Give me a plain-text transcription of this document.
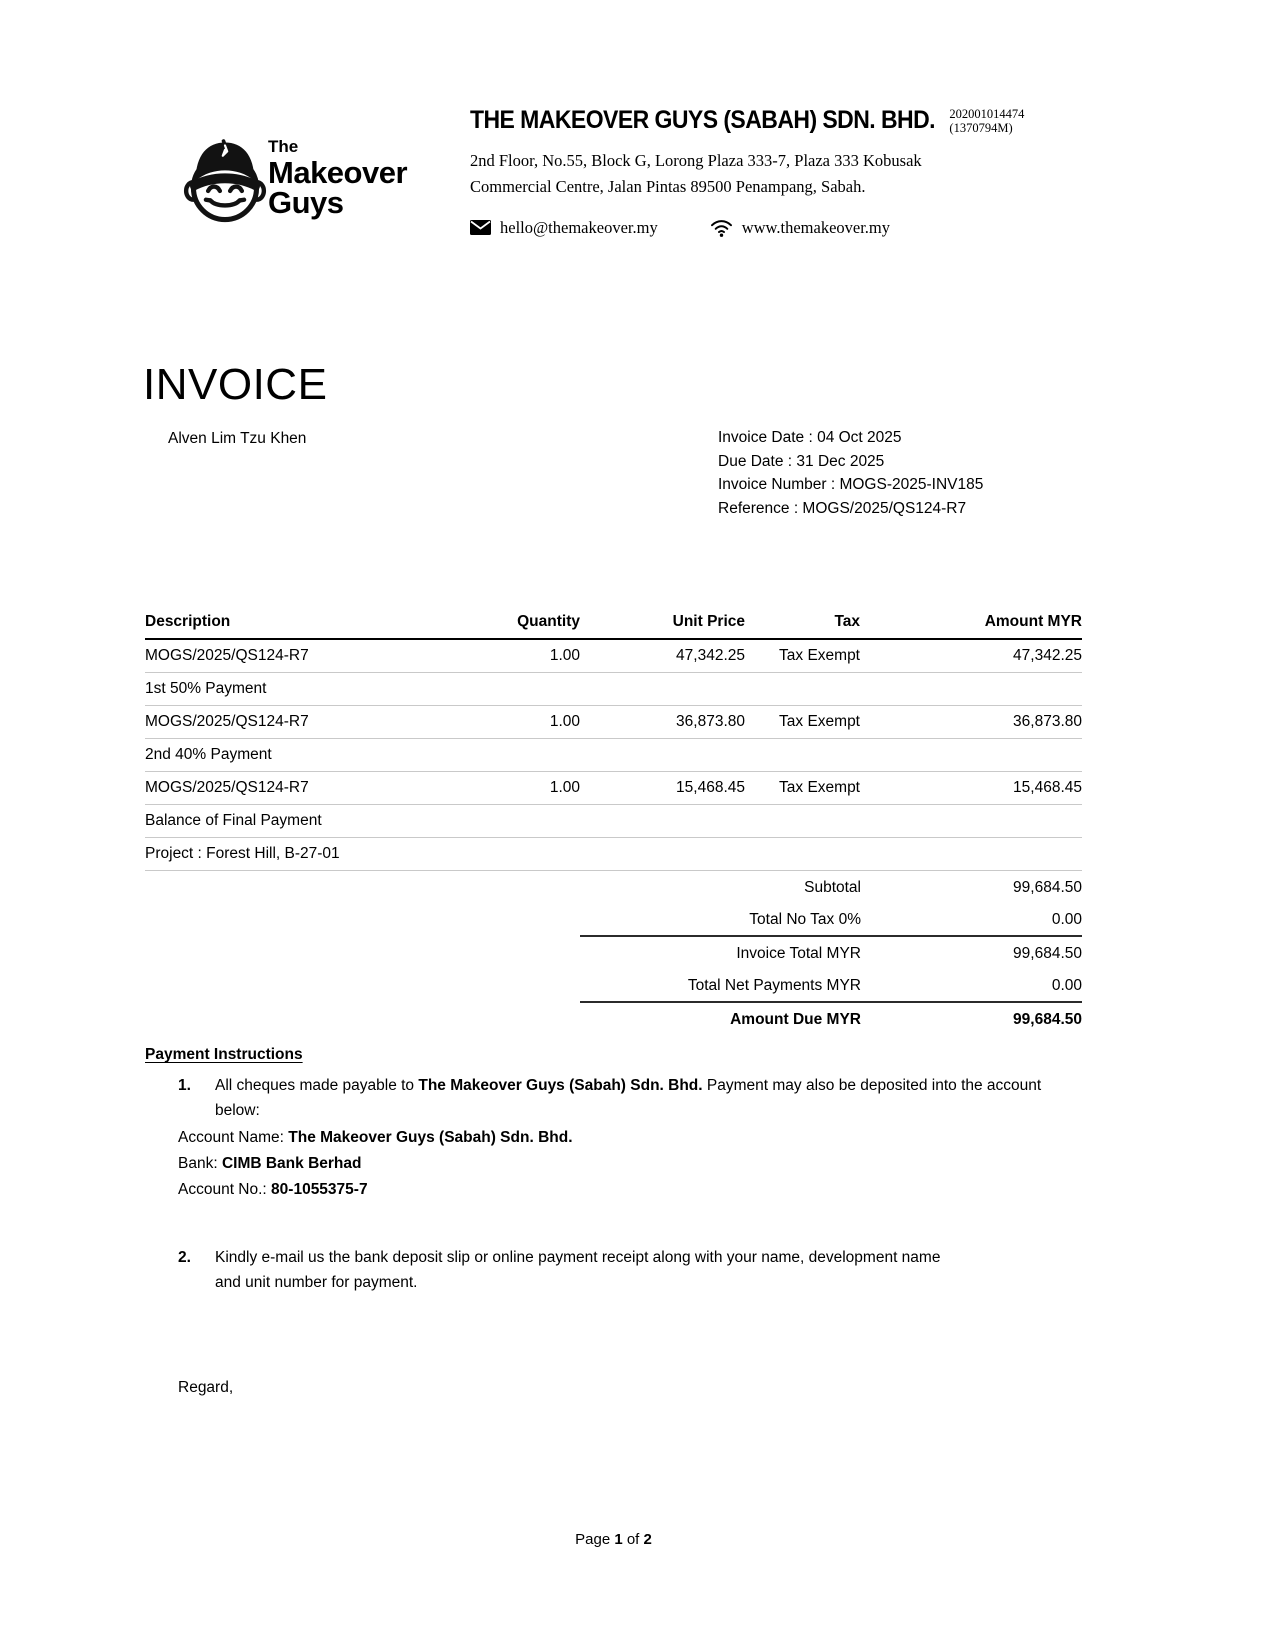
The
Makeover
Guys
THE MAKEOVER GUYS (SABAH) SDN. BHD. 202001014474
(1370794M)
2nd Floor, No.55, Block G, Lorong Plaza 333-7, Plaza 333 Kobusak
Commercial Centre, Jalan Pintas 89500 Penampang, Sabah.
hello@themakeover.my	www.themakeover.my
INVOICE
Alven Lim Tzu Khen	Invoice Date : 04 Oct 2025
Due Date : 31 Dec 2025
Invoice Number : MOGS-2025-INV185
Reference : MOGS/2025/QS124-R7
Description	Quantity	Unit Price	Tax	Amount MYR
MOGS/2025/QS124-R7	1.00	47,342.25	Tax Exempt	47,342.25
1st 50% Payment
MOGS/2025/QS124-R7	1.00	36,873.80	Tax Exempt	36,873.80
2nd 40% Payment
MOGS/2025/QS124-R7	1.00	15,468.45	Tax Exempt	15,468.45
Balance of Final Payment
Project : Forest Hill, B-27-01
Subtotal	99,684.50
Total No Tax 0%	0.00
Invoice Total MYR	99,684.50
Total Net Payments MYR	0.00
Amount Due MYR	99,684.50
Payment Instructions
1.	All cheques made payable to The Makeover Guys (Sabah) Sdn. Bhd. Payment may also be deposited into the account below:
Account Name: The Makeover Guys (Sabah) Sdn. Bhd.
Bank: CIMB Bank Berhad
Account No.: 80-1055375-7
2.	Kindly e-mail us the bank deposit slip or online payment receipt along with your name, development name and unit number for payment.
Regard,
Page 1 of 2
